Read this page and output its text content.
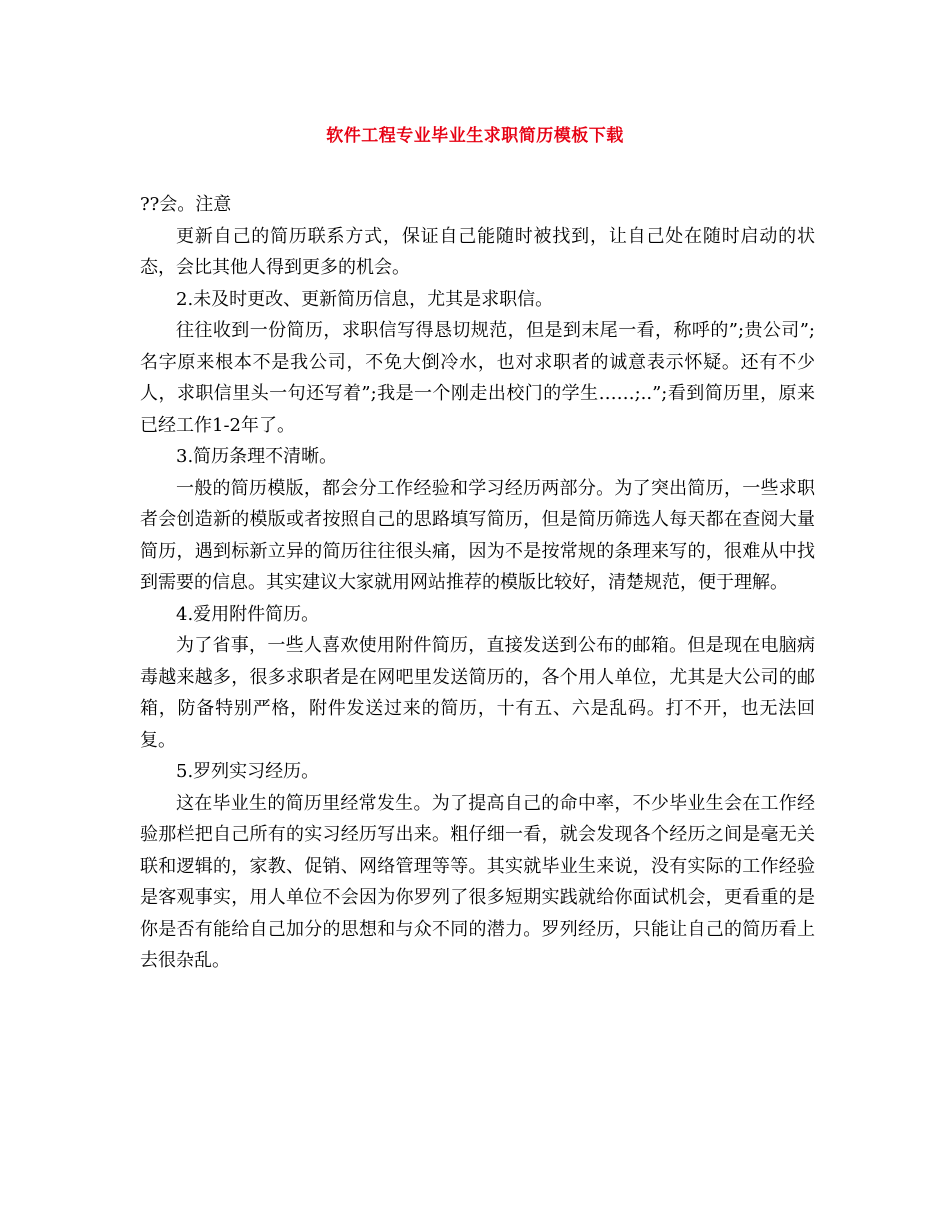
软件工程专业毕业生求职简历模板下载

??会。注意

更新自己的简历联系方式，保证自己能随时被找到，让自己处在随时启动的状态，会比其他人得到更多的机会。

2.未及时更改、更新简历信息，尤其是求职信。

往往收到一份简历，求职信写得恳切规范，但是到末尾一看，称呼的”;贵公司”;名字原来根本不是我公司，不免大倒冷水，也对求职者的诚意表示怀疑。还有不少人，求职信里头一句还写着”;我是一个刚走出校门的学生……;..”;看到简历里，原来已经工作1-2年了。

3.简历条理不清晰。

一般的简历模版，都会分工作经验和学习经历两部分。为了突出简历，一些求职者会创造新的模版或者按照自己的思路填写简历，但是简历筛选人每天都在查阅大量简历，遇到标新立异的简历往往很头痛，因为不是按常规的条理来写的，很难从中找到需要的信息。其实建议大家就用网站推荐的模版比较好，清楚规范，便于理解。

4.爱用附件简历。

为了省事，一些人喜欢使用附件简历，直接发送到公布的邮箱。但是现在电脑病毒越来越多，很多求职者是在网吧里发送简历的，各个用人单位，尤其是大公司的邮箱，防备特别严格，附件发送过来的简历，十有五、六是乱码。打不开，也无法回复。

5.罗列实习经历。

这在毕业生的简历里经常发生。为了提高自己的命中率，不少毕业生会在工作经验那栏把自己所有的实习经历写出来。粗仔细一看，就会发现各个经历之间是毫无关联和逻辑的，家教、促销、网络管理等等。其实就毕业生来说，没有实际的工作经验是客观事实，用人单位不会因为你罗列了很多短期实践就给你面试机会，更看重的是你是否有能给自己加分的思想和与众不同的潜力。罗列经历，只能让自己的简历看上去很杂乱。
